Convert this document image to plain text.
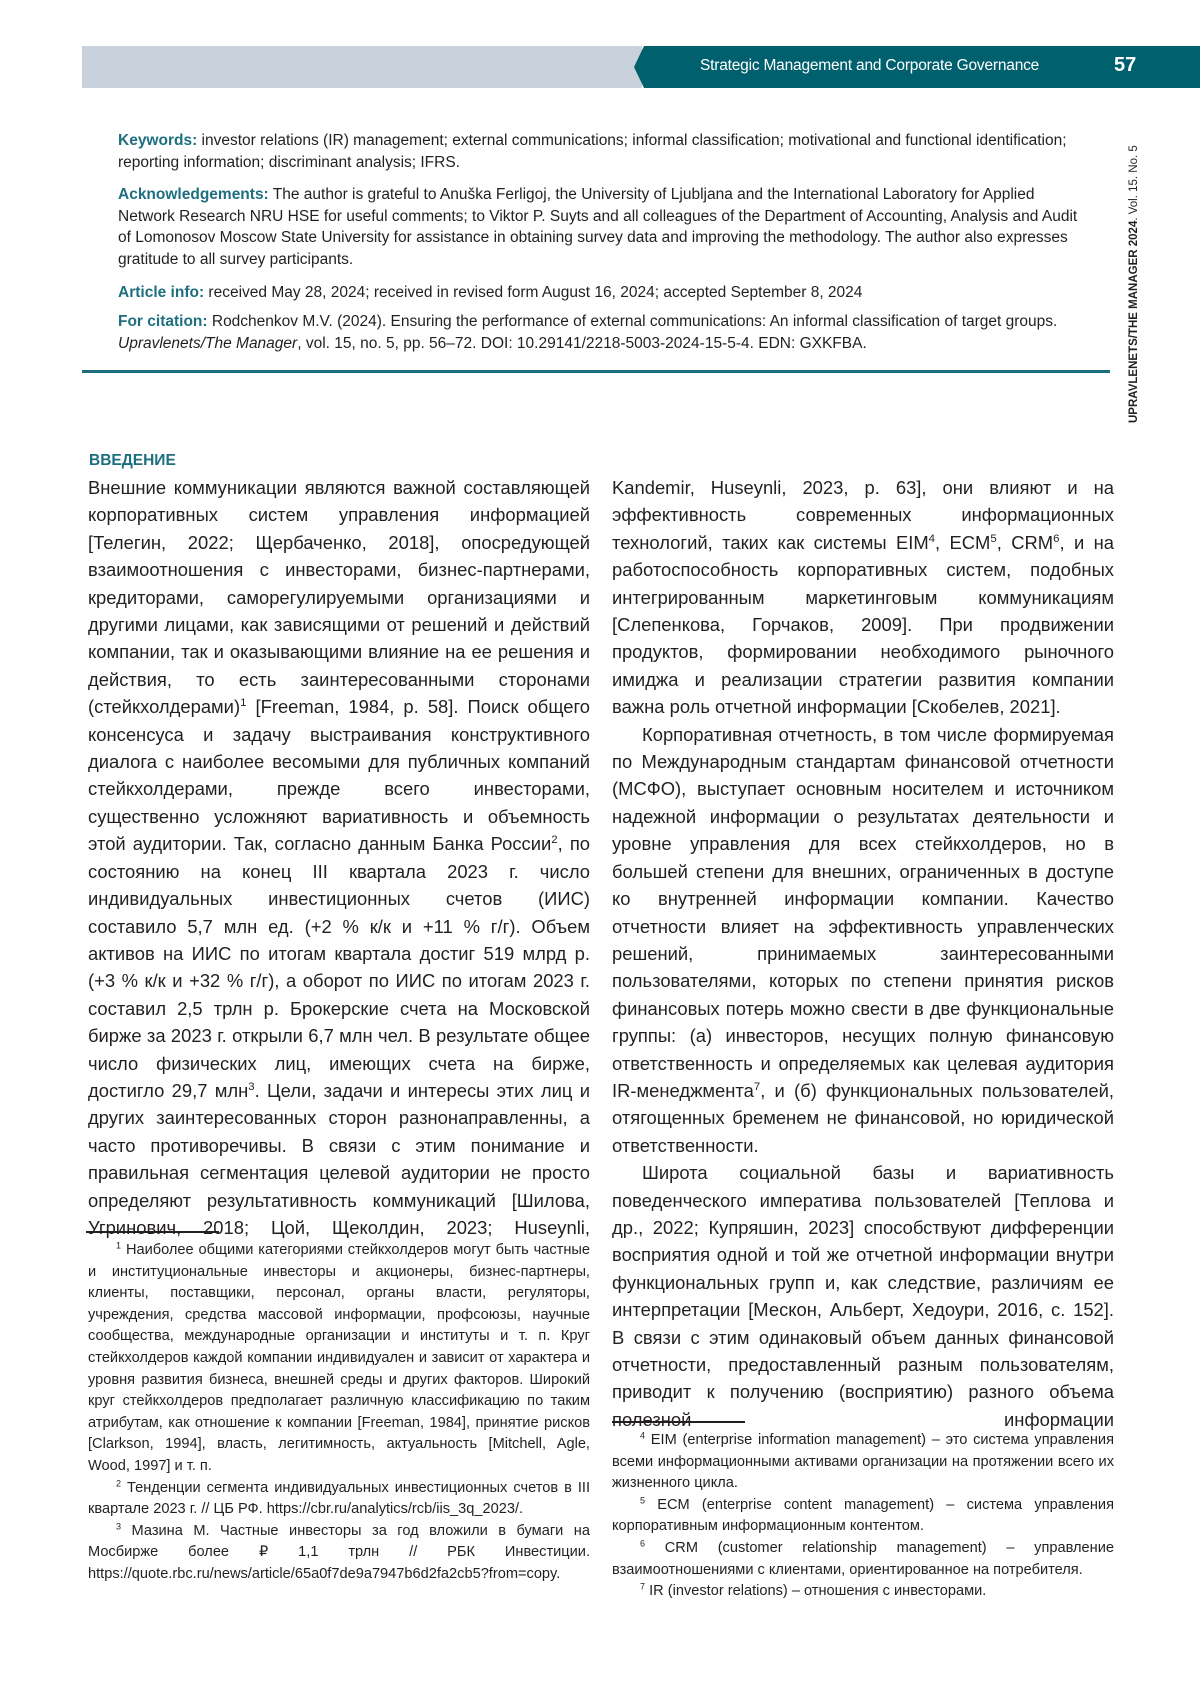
Strategic Management and Corporate Governance	57
UPRAVLENETS/THE MANAGER 2024. Vol. 15. No. 5
Keywords: investor relations (IR) management; external communications; informal classification; motivational and functional identification; reporting information; discriminant analysis; IFRS.
Acknowledgements: The author is grateful to Anuška Ferligoj, the University of Ljubljana and the International Laboratory for Applied Network Research NRU HSE for useful comments; to Viktor P. Suyts and all colleagues of the Department of Accounting, Analysis and Audit of Lomonosov Moscow State University for assistance in obtaining survey data and improving the methodology. The author also expresses gratitude to all survey participants.
Article info: received May 28, 2024; received in revised form August 16, 2024; accepted September 8, 2024
For citation: Rodchenkov M.V. (2024). Ensuring the performance of external communications: An informal classification of target groups. Upravlenets/The Manager, vol. 15, no. 5, pp. 56–72. DOI: 10.29141/2218-5003-2024-15-5-4. EDN: GXKFBA.
ВВЕДЕНИЕ

Внешние коммуникации являются важной составляющей корпоративных систем управления информацией [Телегин, 2022; Щербаченко, 2018], опосредующей взаимоотношения с инвесторами, бизнес-партнерами, кредиторами, саморегулируемыми организациями и другими лицами, как зависящими от решений и действий компании, так и оказывающими влияние на ее решения и действия, то есть заинтересованными сторонами (стейкхолдерами)1 [Freeman, 1984, p. 58]. Поиск общего консенсуса и задачу выстраивания конструктивного диалога с наиболее весомыми для публичных компаний стейкхолдерами, прежде всего инвесторами, существенно усложняют вариативность и объемность этой аудитории. Так, согласно данным Банка России2, по состоянию на конец III квартала 2023 г. число индивидуальных инвестиционных счетов (ИИС) составило 5,7 млн ед. (+2 % к/к и +11 % г/г). Объем активов на ИИС по итогам квартала достиг 519 млрд р. (+3 % к/к и +32 % г/г), а оборот по ИИС по итогам 2023 г. составил 2,5 трлн р. Брокерские счета на Московской бирже за 2023 г. открыли 6,7 млн чел. В результате общее число физических лиц, имеющих счета на бирже, достигло 29,7 млн3. Цели, задачи и интересы этих лиц и других заинтересованных сторон разнонаправленны, а часто противоречивы. В связи с этим понимание и правильная сегментация целевой аудитории не просто определяют результативность коммуникаций [Шилова, Угринович, 2018; Цой, Щеколдин, 2023; Huseynli,

Kandemir, Huseynli, 2023, p. 63], они влияют и на эффективность современных информационных технологий, таких как системы EIM4, ECM5, CRM6, и на работоспособность корпоративных систем, подобных интегрированным маркетинговым коммуникациям [Слепенкова, Горчаков, 2009]. При продвижении продуктов, формировании необходимого рыночного имиджа и реализации стратегии развития компании важна роль отчетной информации [Скобелев, 2021].

Корпоративная отчетность, в том числе формируемая по Международным стандартам финансовой отчетности (МСФО), выступает основным носителем и источником надежной информации о результатах деятельности и уровне управления для всех стейкхолдеров, но в большей степени для внешних, ограниченных в доступе ко внутренней информации компании. Качество отчетности влияет на эффективность управленческих решений, принимаемых заинтересованными пользователями, которых по степени принятия рисков финансовых потерь можно свести в две функциональные группы: (а) инвесторов, несущих полную финансовую ответственность и определяемых как целевая аудитория IR-менеджмента7, и (б) функциональных пользователей, отягощенных бременем не финансовой, но юридической ответственности.

Широта социальной базы и вариативность поведенческого императива пользователей [Теплова и др., 2022; Купряшин, 2023] способствуют дифференции восприятия одной и той же отчетной информации внутри функциональных групп и, как следствие, различиям ее интерпретации [Мескон, Альберт, Хедоури, 2016, с. 152]. В связи с этим одинаковый объем данных финансовой отчетности, предоставленный разным пользователям, приводит к получению (восприятию) разного объема полезной информации

1 Наиболее общими категориями стейкхолдеров могут быть частные и институциональные инвесторы и акционеры, бизнес-партнеры, клиенты, поставщики, персонал, органы власти, регуляторы, учреждения, средства массовой информации, профсоюзы, научные сообщества, международные организации и институты и т. п. Круг стейкхолдеров каждой компании индивидуален и зависит от характера и уровня развития бизнеса, внешней среды и других факторов. Широкий круг стейкхолдеров предполагает различную классификацию по таким атрибутам, как отношение к компании [Freeman, 1984], принятие рисков [Clarkson, 1994], власть, легитимность, актуальность [Mitchell, Agle, Wood, 1997] и т. п.

2 Тенденции сегмента индивидуальных инвестиционных счетов в III квартале 2023 г. // ЦБ РФ. https://cbr.ru/analytics/rcb/iis_3q_2023/.

3 Мазина М. Частные инвесторы за год вложили в бумаги на Мосбирже более ₽ 1,1 трлн // РБК Инвестиции. https://quote.rbc.ru/news/article/65a0f7de9a7947b6d2fa2cb5?from=copy.

4 EIM (enterprise information management) – это система управления всеми информационными активами организации на протяжении всего их жизненного цикла.

5 ECM (enterprise content management) – система управления корпоративным информационным контентом.

6 CRM (customer relationship management) – управление взаимоотношениями с клиентами, ориентированное на потребителя.

7 IR (investor relations) – отношения с инвесторами.
